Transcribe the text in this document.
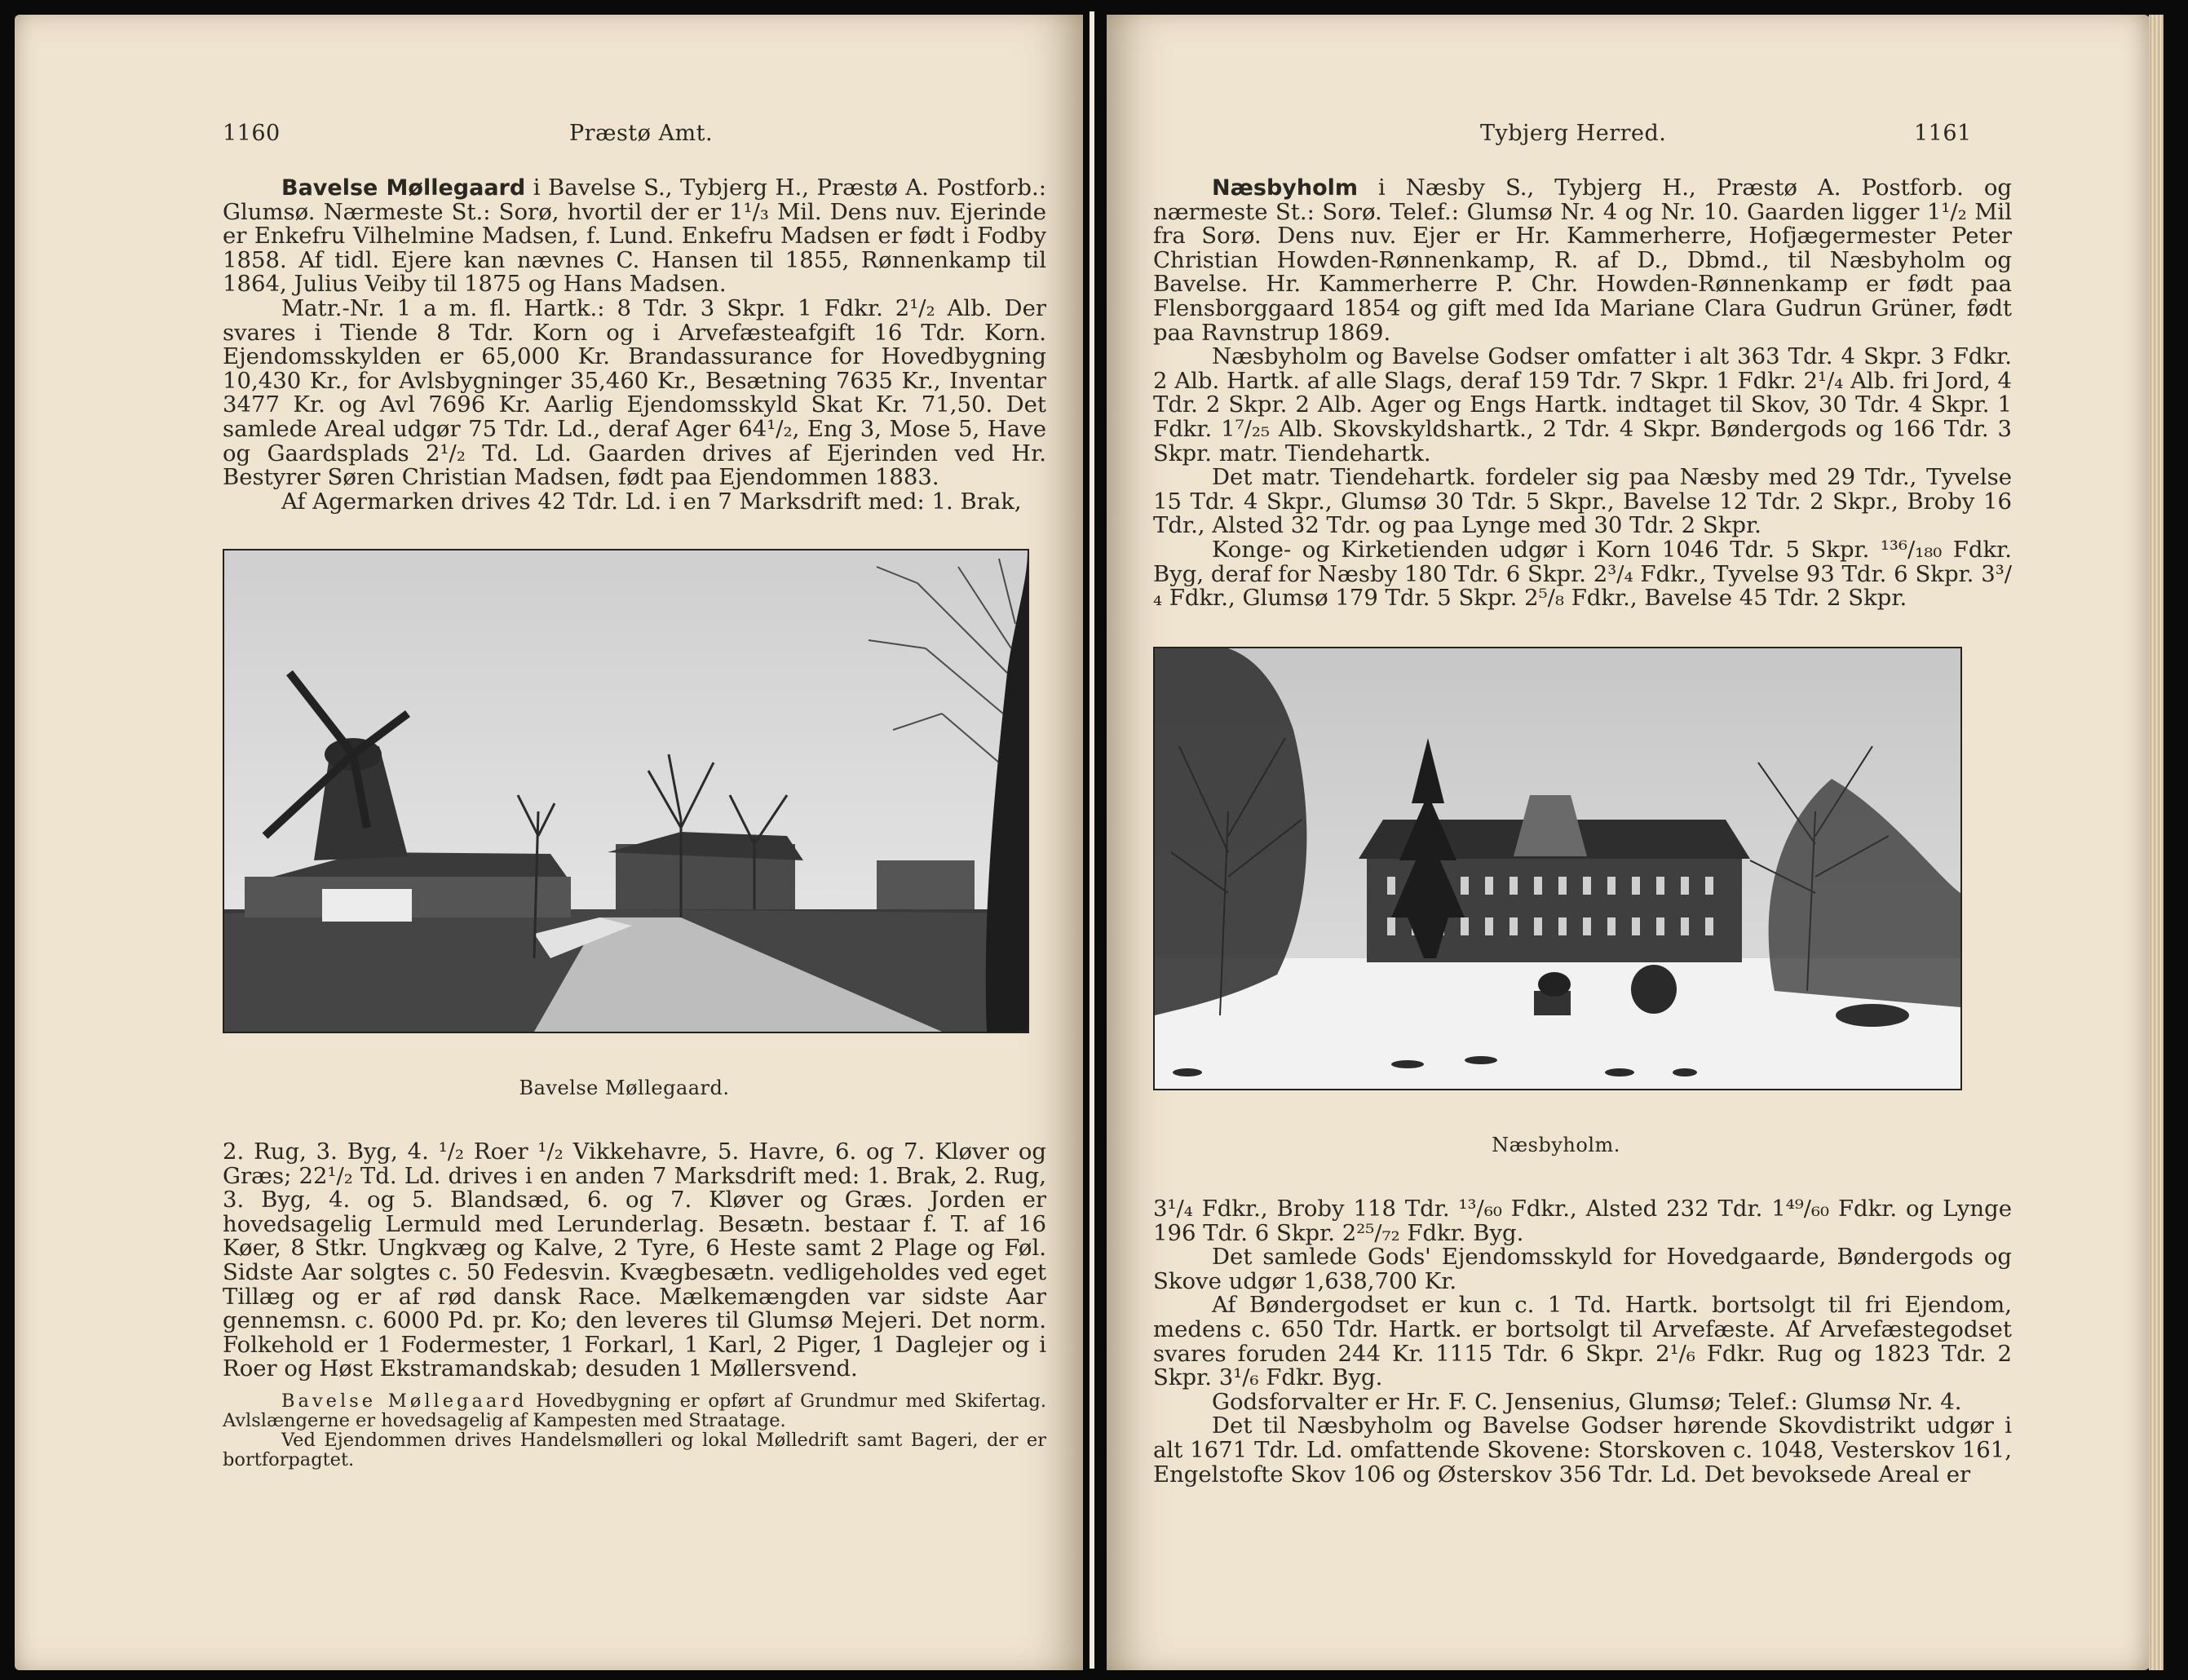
1160	Præstø Amt.

Bavelse Møllegaard i Bavelse S., Tybjerg H., Præstø A. Postforb.: Glumsø. Nærmeste St.: Sorø, hvortil der er 1¹/₃ Mil. Dens nuv. Ejerinde er Enkefru Vilhelmine Madsen, f. Lund. Enkefru Madsen er født i Fodby 1858. Af tidl. Ejere kan nævnes C. Hansen til 1855, Rønnenkamp til 1864, Julius Veiby til 1875 og Hans Madsen.

Matr.-Nr. 1 a m. fl. Hartk.: 8 Tdr. 3 Skpr. 1 Fdkr. 2¹/₂ Alb. Der svares i Tiende 8 Tdr. Korn og i Arvefæsteafgift 16 Tdr. Korn. Ejendomsskylden er 65,000 Kr. Brandassurance for Hovedbygning 10,430 Kr., for Avlsbygninger 35,460 Kr., Besætning 7635 Kr., Inventar 3477 Kr. og Avl 7696 Kr. Aarlig Ejendomsskyld Skat Kr. 71,50. Det samlede Areal udgør 75 Tdr. Ld., deraf Ager 64¹/₂, Eng 3, Mose 5, Have og Gaardsplads 2¹/₂ Td. Ld. Gaarden drives af Ejerinden ved Hr. Bestyrer Søren Christian Madsen, født paa Ejendommen 1883.

Af Agermarken drives 42 Tdr. Ld. i en 7 Marksdrift med: 1. Brak,

Bavelse Møllegaard.

2. Rug, 3. Byg, 4. ¹/₂ Roer ¹/₂ Vikkehavre, 5. Havre, 6. og 7. Kløver og Græs; 22¹/₂ Td. Ld. drives i en anden 7 Marksdrift med: 1. Brak, 2. Rug, 3. Byg, 4. og 5. Blandsæd, 6. og 7. Kløver og Græs. Jorden er hovedsagelig Lermuld med Lerunderlag. Besætn. bestaar f. T. af 16 Køer, 8 Stkr. Ungkvæg og Kalve, 2 Tyre, 6 Heste samt 2 Plage og Føl. Sidste Aar solgtes c. 50 Fedesvin. Kvægbesætn. vedligeholdes ved eget Tillæg og er af rød dansk Race. Mælkemængden var sidste Aar gennemsn. c. 6000 Pd. pr. Ko; den leveres til Glumsø Mejeri. Det norm. Folkehold er 1 Fodermester, 1 Forkarl, 1 Karl, 2 Piger, 1 Daglejer og i Roer og Høst Ekstramandskab; desuden 1 Møllersvend.

Bavelse Møllegaard Hovedbygning er opført af Grundmur med Skifertag. Avlslængerne er hovedsagelig af Kampesten med Straatage.

Ved Ejendommen drives Handelsmølleri og lokal Mølledrift samt Bageri, der er bortforpagtet.

Tybjerg Herred.	1161

Næsbyholm i Næsby S., Tybjerg H., Præstø A. Postforb. og nærmeste St.: Sorø. Telef.: Glumsø Nr. 4 og Nr. 10. Gaarden ligger 1¹/₂ Mil fra Sorø. Dens nuv. Ejer er Hr. Kammerherre, Hofjægermester Peter Christian Howden-Rønnenkamp, R. af D., Dbmd., til Næsbyholm og Bavelse. Hr. Kammerherre P. Chr. Howden-Rønnenkamp er født paa Flensborggaard 1854 og gift med Ida Mariane Clara Gudrun Grüner, født paa Ravnstrup 1869.

Næsbyholm og Bavelse Godser omfatter i alt 363 Tdr. 4 Skpr. 3 Fdkr. 2 Alb. Hartk. af alle Slags, deraf 159 Tdr. 7 Skpr. 1 Fdkr. 2¹/₄ Alb. fri Jord, 4 Tdr. 2 Skpr. 2 Alb. Ager og Engs Hartk. indtaget til Skov, 30 Tdr. 4 Skpr. 1 Fdkr. 1⁷/₂₅ Alb. Skovskyldshartk., 2 Tdr. 4 Skpr. Bøndergods og 166 Tdr. 3 Skpr. matr. Tiendehartk.

Det matr. Tiendehartk. fordeler sig paa Næsby med 29 Tdr., Tyvelse 15 Tdr. 4 Skpr., Glumsø 30 Tdr. 5 Skpr., Bavelse 12 Tdr. 2 Skpr., Broby 16 Tdr., Alsted 32 Tdr. og paa Lynge med 30 Tdr. 2 Skpr.

Konge- og Kirketienden udgør i Korn 1046 Tdr. 5 Skpr. ¹³⁶/₁₈₀ Fdkr. Byg, deraf for Næsby 180 Tdr. 6 Skpr. 2³/₄ Fdkr., Tyvelse 93 Tdr. 6 Skpr. 3³/₄ Fdkr., Glumsø 179 Tdr. 5 Skpr. 2⁵/₈ Fdkr., Bavelse 45 Tdr. 2 Skpr.

Næsbyholm.

3¹/₄ Fdkr., Broby 118 Tdr. ¹³/₆₀ Fdkr., Alsted 232 Tdr. 1⁴⁹/₆₀ Fdkr. og Lynge 196 Tdr. 6 Skpr. 2²⁵/₇₂ Fdkr. Byg.

Det samlede Gods' Ejendomsskyld for Hovedgaarde, Bøndergods og Skove udgør 1,638,700 Kr.

Af Bøndergodset er kun c. 1 Td. Hartk. bortsolgt til fri Ejendom, medens c. 650 Tdr. Hartk. er bortsolgt til Arvefæste. Af Arvefæstegodset svares foruden 244 Kr. 1115 Tdr. 6 Skpr. 2¹/₆ Fdkr. Rug og 1823 Tdr. 2 Skpr. 3¹/₆ Fdkr. Byg.

Godsforvalter er Hr. F. C. Jensenius, Glumsø; Telef.: Glumsø Nr. 4.

Det til Næsbyholm og Bavelse Godser hørende Skovdistrikt udgør i alt 1671 Tdr. Ld. omfattende Skovene: Storskoven c. 1048, Vesterskov 161, Engelstofte Skov 106 og Østerskov 356 Tdr. Ld. Det bevoksede Areal er
